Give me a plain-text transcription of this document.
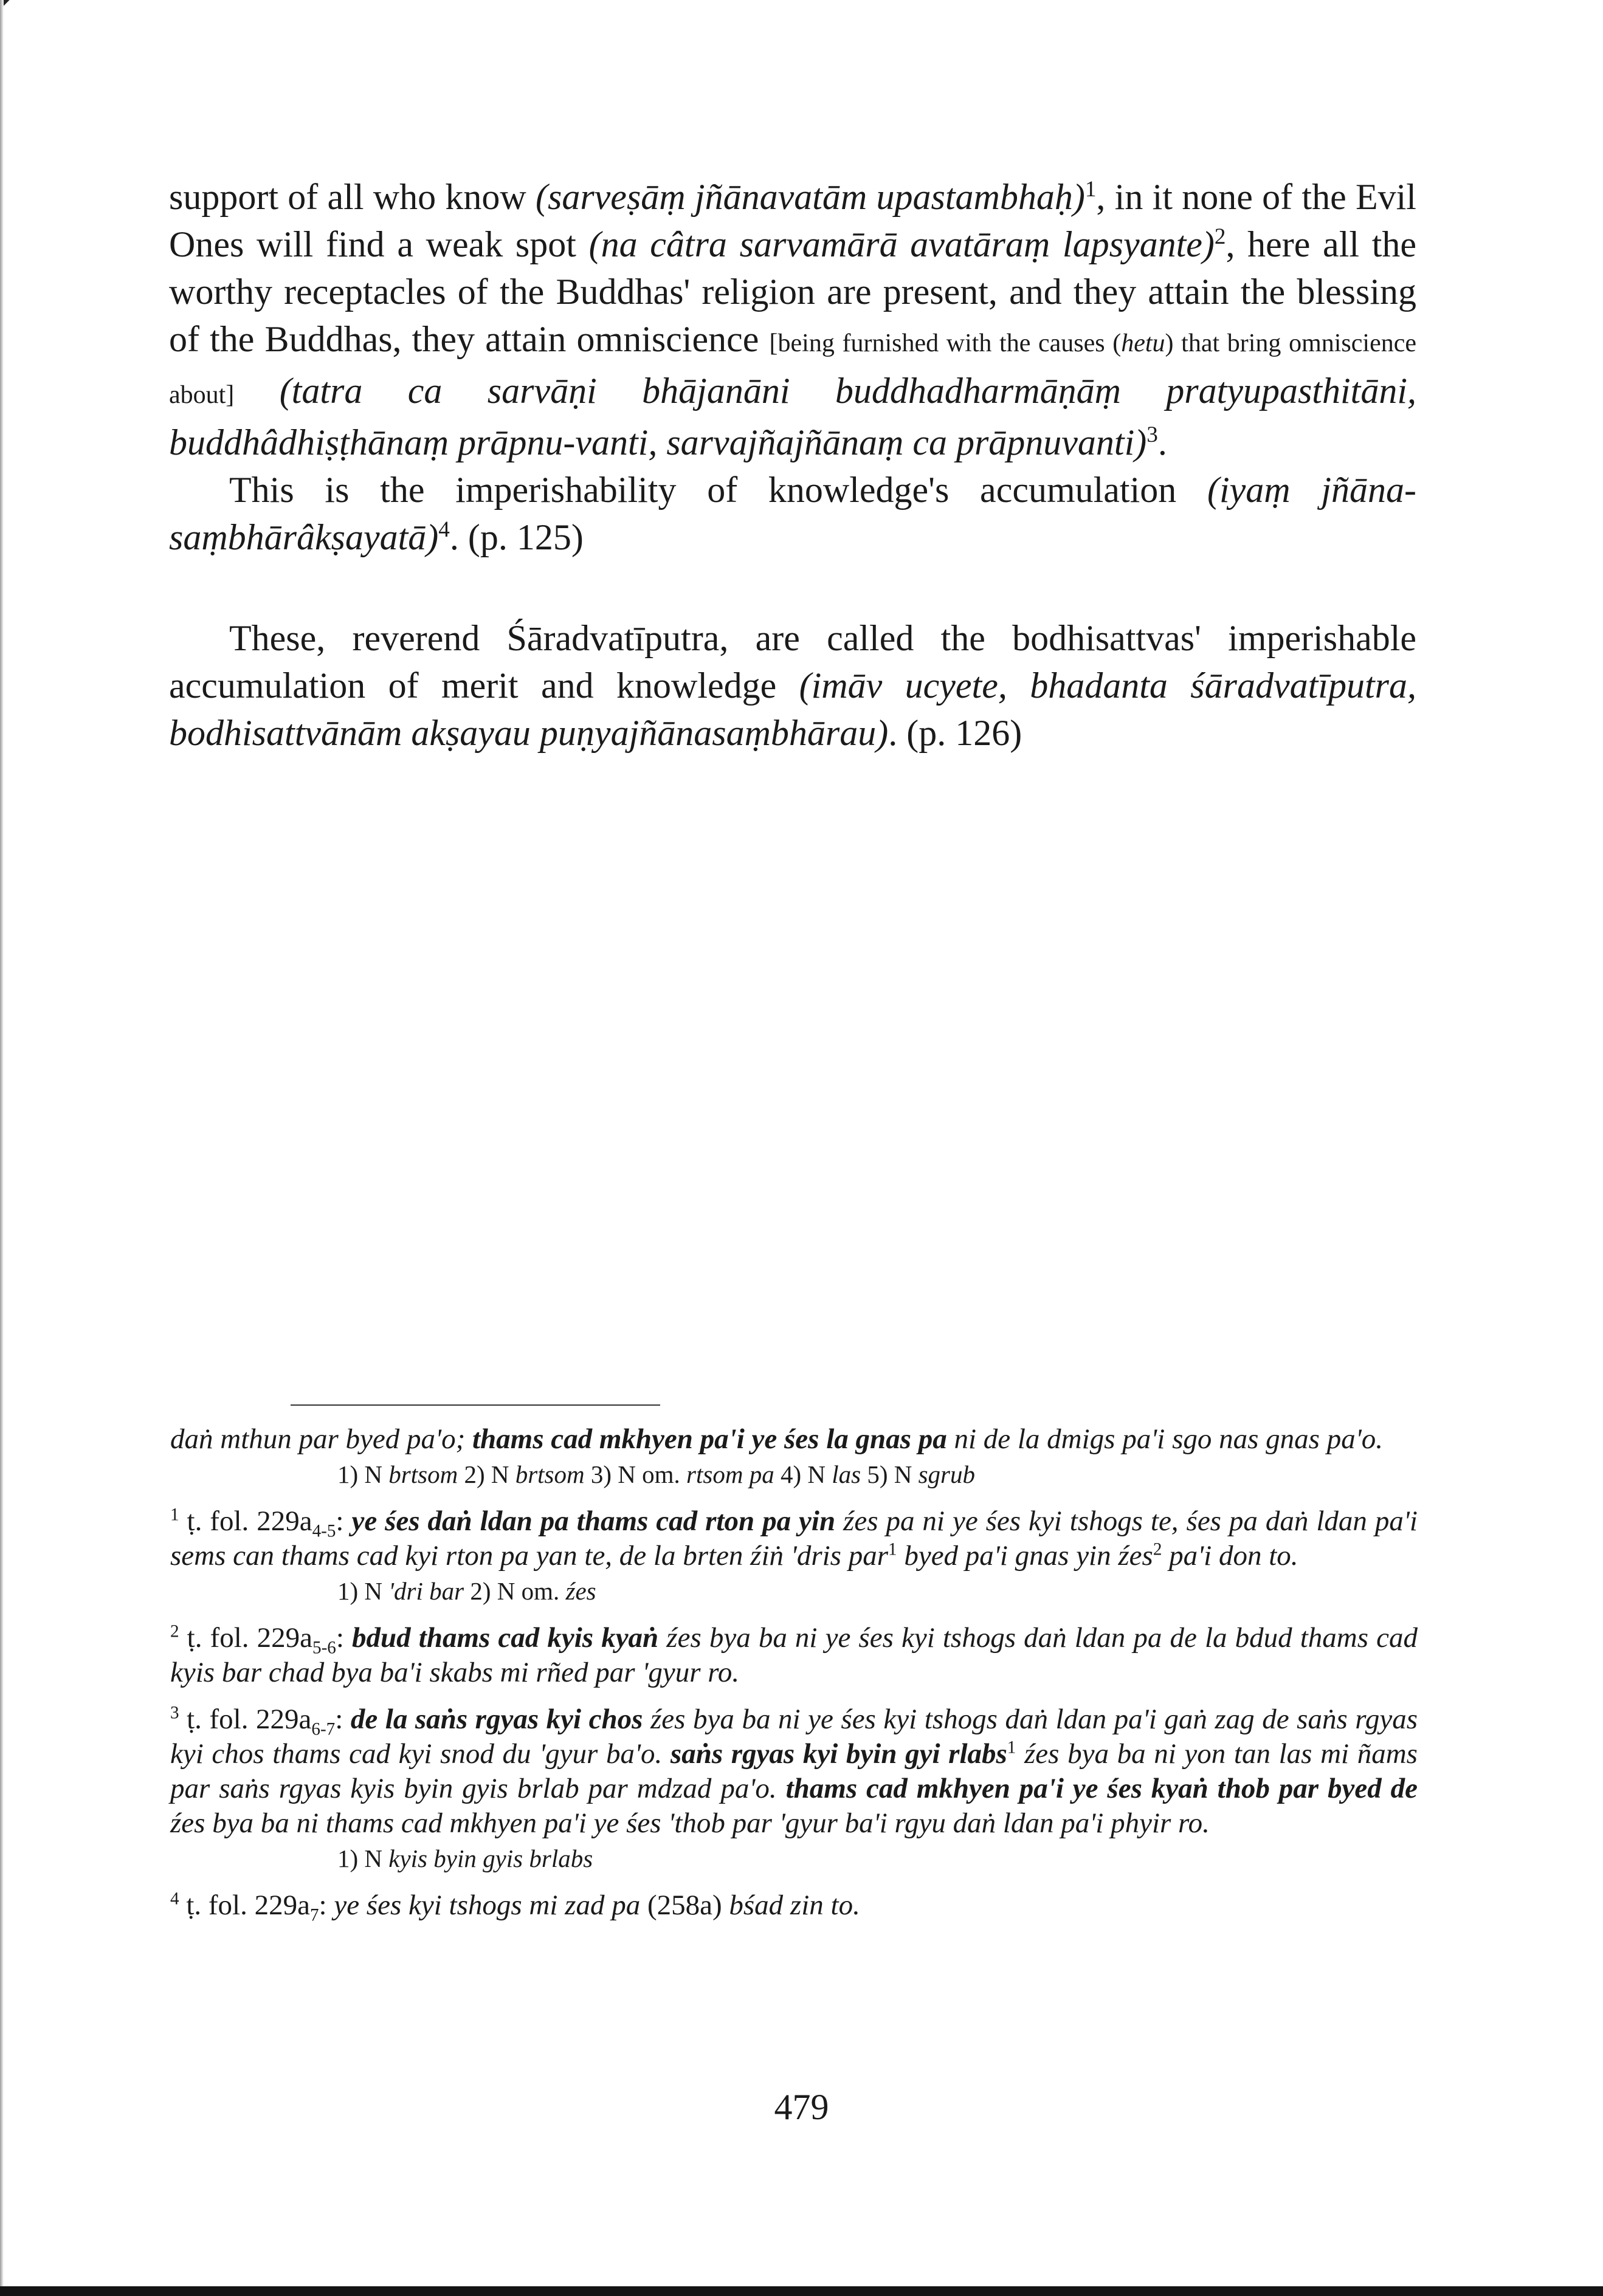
support of all who know (sarveṣāṃ jñānavatām upastambhaḥ)$^1$, in it none of the Evil Ones will find a weak spot (na câtra sarvamārā avatāraṃ lapsyante)$^2$, here all the worthy receptacles of the Buddhas' religion are present, and they attain the blessing of the Buddhas, they attain omniscience [being furnished with the causes (hetu) that bring omniscience about] (tatra ca sarvāṇi bhājanāni buddhadharmāṇāṃ pratyupasthitāni, buddhâdhiṣṭhānaṃ prāpnu-vanti, sarvajñajñānaṃ ca prāpnuvanti)$^3$.

This is the imperishability of knowledge's accumulation (iyaṃ jñāna-saṃbhārâkṣayatā)$^4$. (p. 125)

These, reverend Śāradvatīputra, are called the bodhisattvas' imperishable accumulation of merit and knowledge (imāv ucyete, bhadanta śāradvatīputra, bodhisattvānām akṣayau puṇyajñānasaṃbhārau). (p. 126)

daṅ mthun par byed pa'o; thams cad mkhyen pa'i ye śes la gnas pa ni de la dmigs pa'i sgo nas gnas pa'o.

1) N brtsom 2) N brtsom 3) N om. rtsom pa 4) N las 5) N sgrub

$^1$ ṭ. fol. $229a_{4-5}$: ye śes daṅ ldan pa thams cad rton pa yin źes pa ni ye śes kyi tshogs te, śes pa daṅ ldan pa'i sems can thams cad kyi rton pa yan te, de la brten źiṅ 'dris par$^1$ byed pa'i gnas yin źes$^2$ pa'i don to.

1) N 'dri bar 2) N om. źes

$^2$ ṭ. fol. $229a_{5-6}$: bdud thams cad kyis kyaṅ źes bya ba ni ye śes kyi tshogs daṅ ldan pa de la bdud thams cad kyis bar chad bya ba'i skabs mi rñed par 'gyur ro.

$^3$ ṭ. fol. $229a_{6-7}$: de la saṅs rgyas kyi chos źes bya ba ni ye śes kyi tshogs daṅ ldan pa'i gaṅ zag de saṅs rgyas kyi chos thams cad kyi snod du 'gyur ba'o. saṅs rgyas kyi byin gyi rlabs$^1$ źes bya ba ni yon tan las mi ñams par saṅs rgyas kyis byin gyis brlab par mdzad pa'o. thams cad mkhyen pa'i ye śes kyaṅ thob par byed de źes bya ba ni thams cad mkhyen pa'i ye śes 'thob par 'gyur ba'i rgyu daṅ ldan pa'i phyir ro.

1) N kyis byin gyis brlabs

$^4$ ṭ. fol. $229a_7$: ye śes kyi tshogs mi zad pa (258a) bśad zin to.

479
